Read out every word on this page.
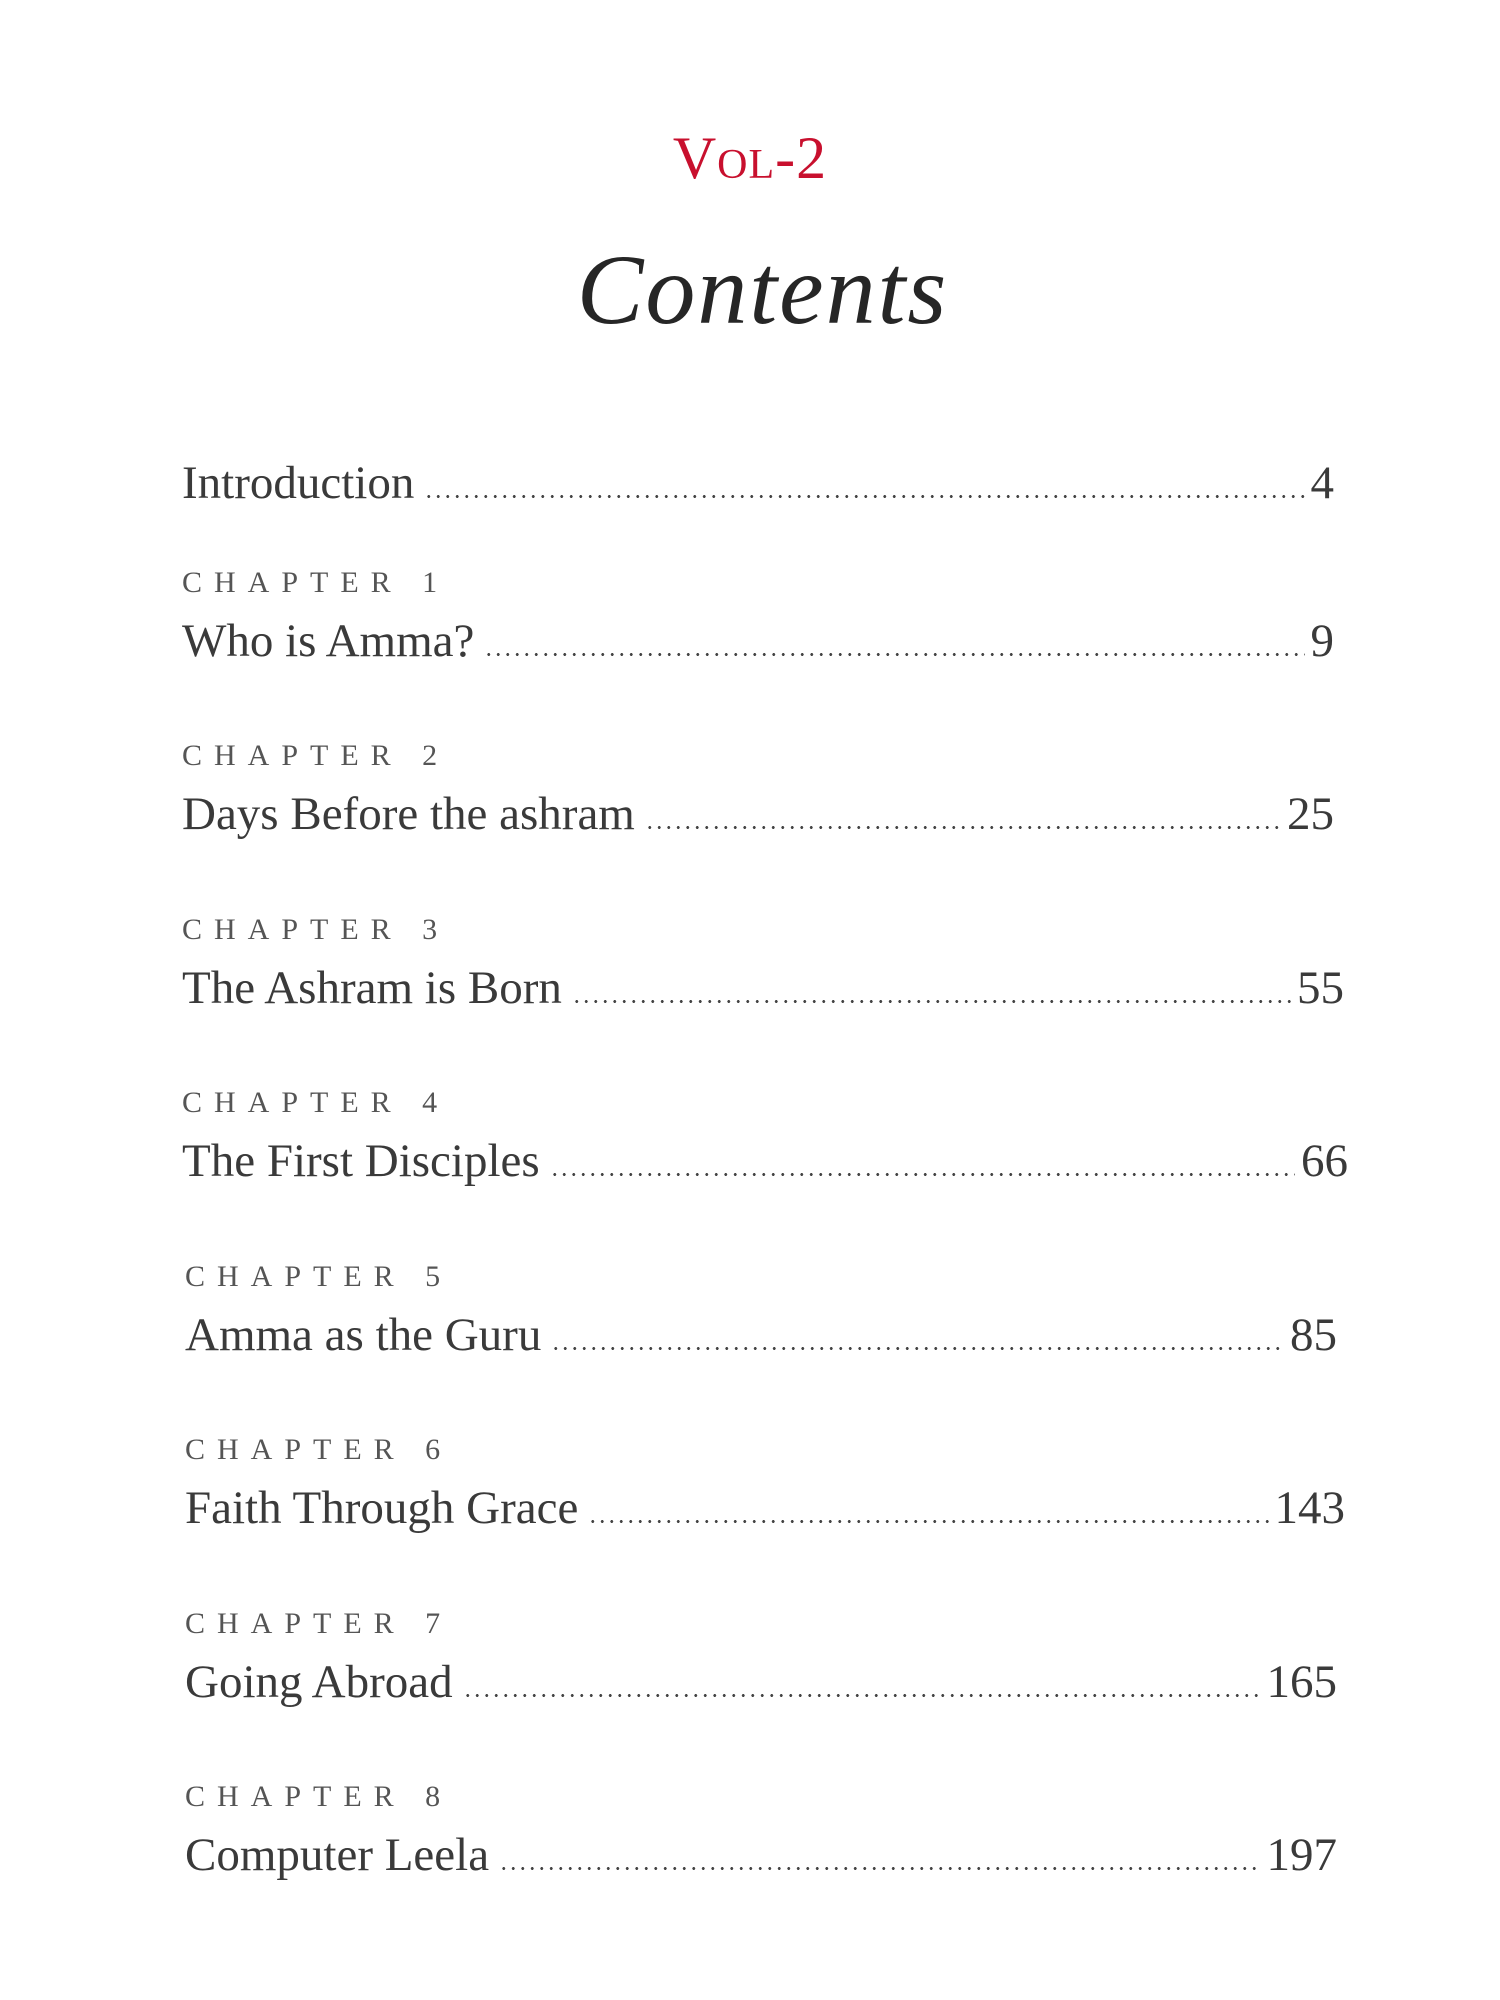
Vol-2
Contents
Introduction	4
CHAPTER 1
Who is Amma?	9
CHAPTER 2
Days Before the ashram	25
CHAPTER 3
The Ashram is Born	55
CHAPTER 4
The First Disciples	66
CHAPTER 5
Amma as the Guru	85
CHAPTER 6
Faith Through Grace	143
CHAPTER 7
Going Abroad	165
CHAPTER 8
Computer Leela	197
